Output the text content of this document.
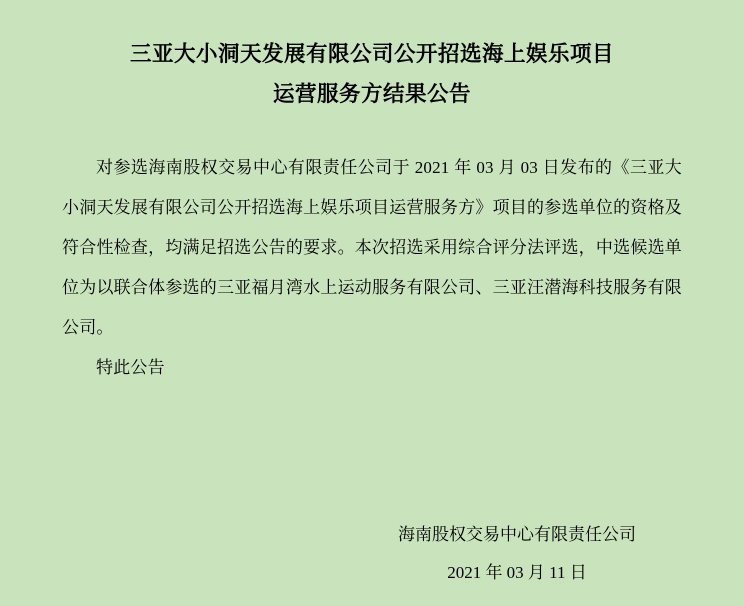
三亚大小洞天发展有限公司公开招选海上娱乐项目
运营服务方结果公告

对参选海南股权交易中心有限责任公司于 2021 年 03 月 03 日发布的《三亚大小洞天发展有限公司公开招选海上娱乐项目运营服务方》项目的参选单位的资格及符合性检查，均满足招选公告的要求。本次招选采用综合评分法评选，中选候选单位为以联合体参选的三亚福月湾水上运动服务有限公司、三亚汪潜海科技服务有限公司。

特此公告

海南股权交易中心有限责任公司
2021 年 03 月 11 日
